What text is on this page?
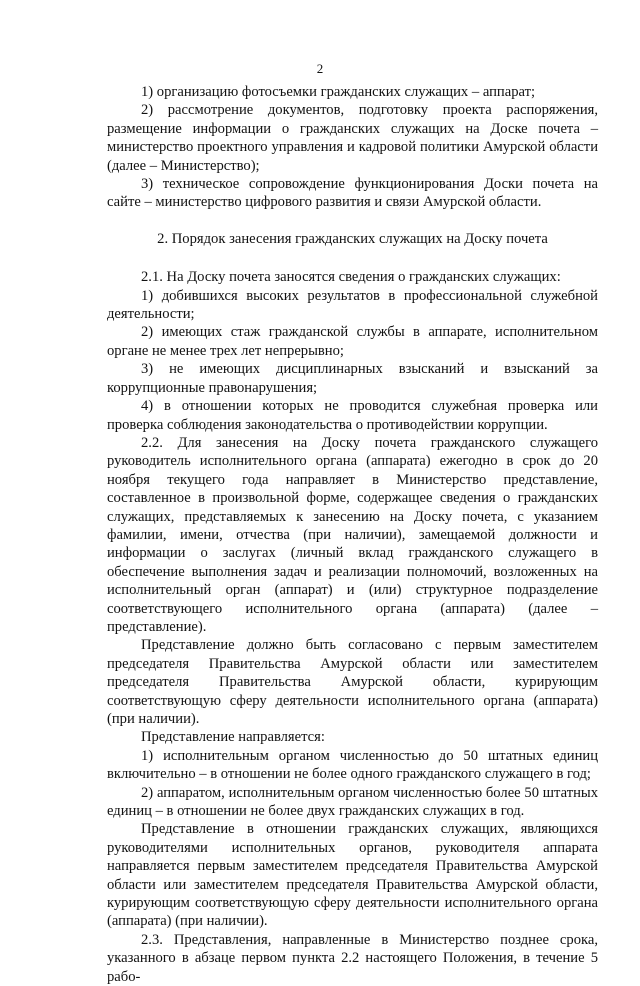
2

1) организацию фотосъемки гражданских служащих – аппарат;

2) рассмотрение документов, подготовку проекта распоряжения, размещение информации о гражданских служащих на Доске почета – министерство проектного управления и кадровой политики Амурской области (далее – Министерство);

3) техническое сопровождение функционирования Доски почета на сайте – министерство цифрового развития и связи Амурской области.

2. Порядок занесения гражданских служащих на Доску почета

2.1. На Доску почета заносятся сведения о гражданских служащих:

1) добившихся высоких результатов в профессиональной служебной деятельности;

2) имеющих стаж гражданской службы в аппарате, исполнительном органе не менее трех лет непрерывно;

3) не имеющих дисциплинарных взысканий и взысканий за коррупционные правонарушения;

4) в отношении которых не проводится служебная проверка или проверка соблюдения законодательства о противодействии коррупции.

2.2. Для занесения на Доску почета гражданского служащего руководитель исполнительного органа (аппарата) ежегодно в срок до 20 ноября текущего года направляет в Министерство представление, составленное в произвольной форме, содержащее сведения о гражданских служащих, представляемых к занесению на Доску почета, с указанием фамилии, имени, отчества (при наличии), замещаемой должности и информации о заслугах (личный вклад гражданского служащего в обеспечение выполнения задач и реализации полномочий, возложенных на исполнительный орган (аппарат) и (или) структурное подразделение соответствующего исполнительного органа (аппарата) (далее – представление).

Представление должно быть согласовано с первым заместителем председателя Правительства Амурской области или заместителем председателя Правительства Амурской области, курирующим соответствующую сферу деятельности исполнительного органа (аппарата) (при наличии).

Представление направляется:

1) исполнительным органом численностью до 50 штатных единиц включительно – в отношении не более одного гражданского служащего в год;

2) аппаратом, исполнительным органом численностью более 50 штатных единиц – в отношении не более двух гражданских служащих в год.

Представление в отношении гражданских служащих, являющихся руководителями исполнительных органов, руководителя аппарата направляется первым заместителем председателя Правительства Амурской области или заместителем председателя Правительства Амурской области, курирующим соответствующую сферу деятельности исполнительного органа (аппарата) (при наличии).

2.3. Представления, направленные в Министерство позднее срока, указанного в абзаце первом пункта 2.2 настоящего Положения, в течение 5 рабо-
